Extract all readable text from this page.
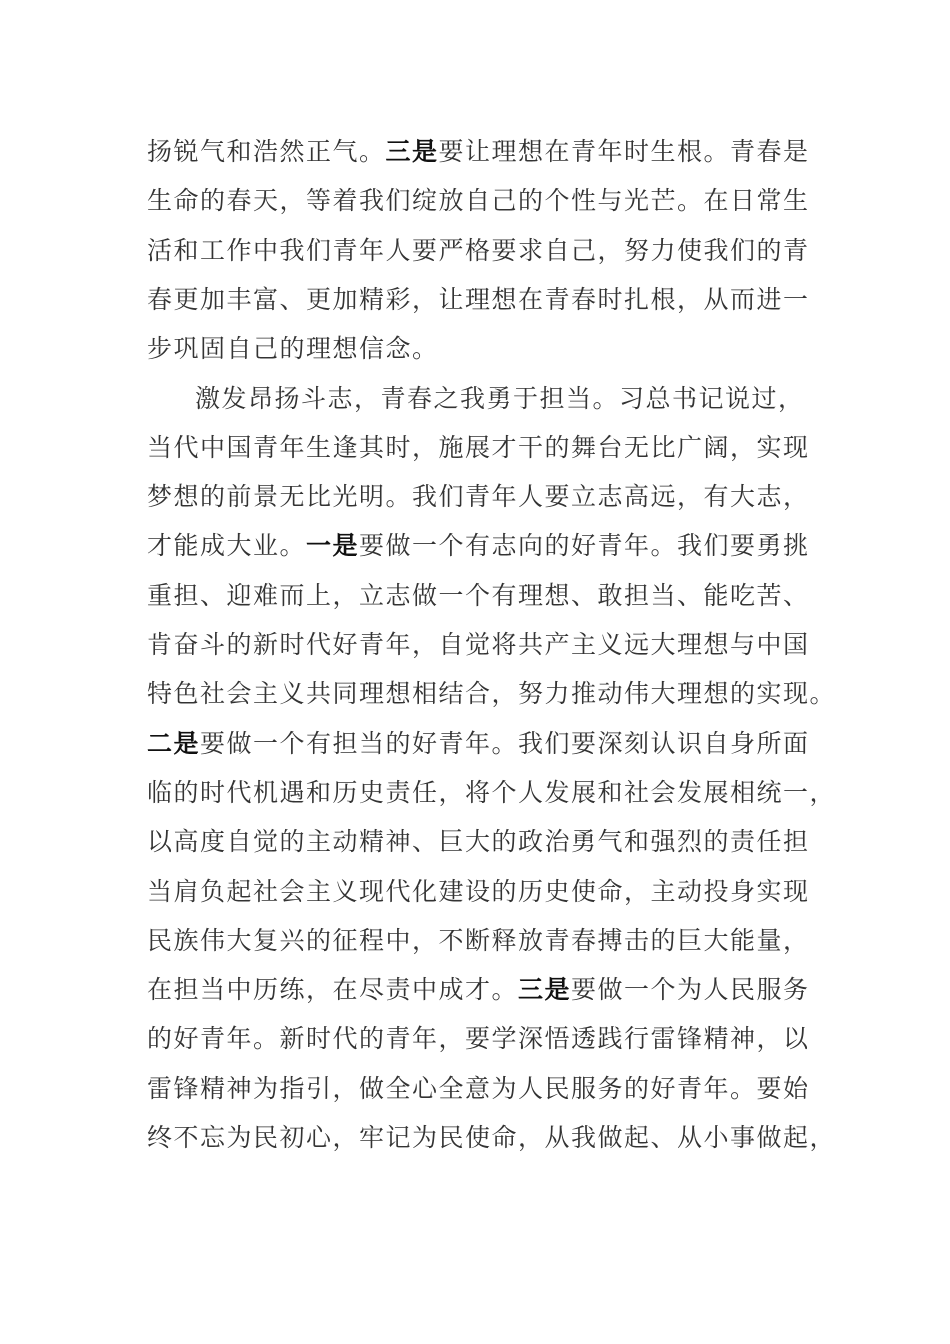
扬锐气和浩然正气。三是要让理想在青年时生根。青春是
生命的春天，等着我们绽放自己的个性与光芒。在日常生
活和工作中我们青年人要严格要求自己，努力使我们的青
春更加丰富、更加精彩，让理想在青春时扎根，从而进一
步巩固自己的理想信念。
激发昂扬斗志，青春之我勇于担当。习总书记说过，
当代中国青年生逢其时，施展才干的舞台无比广阔，实现
梦想的前景无比光明。我们青年人要立志高远，有大志，
才能成大业。一是要做一个有志向的好青年。我们要勇挑
重担、迎难而上，立志做一个有理想、敢担当、能吃苦、
肯奋斗的新时代好青年，自觉将共产主义远大理想与中国
特色社会主义共同理想相结合，努力推动伟大理想的实现。
二是要做一个有担当的好青年。我们要深刻认识自身所面
临的时代机遇和历史责任，将个人发展和社会发展相统一，
以高度自觉的主动精神、巨大的政治勇气和强烈的责任担
当肩负起社会主义现代化建设的历史使命，主动投身实现
民族伟大复兴的征程中，不断释放青春搏击的巨大能量，
在担当中历练，在尽责中成才。三是要做一个为人民服务
的好青年。新时代的青年，要学深悟透践行雷锋精神，以
雷锋精神为指引，做全心全意为人民服务的好青年。要始
终不忘为民初心，牢记为民使命，从我做起、从小事做起，
